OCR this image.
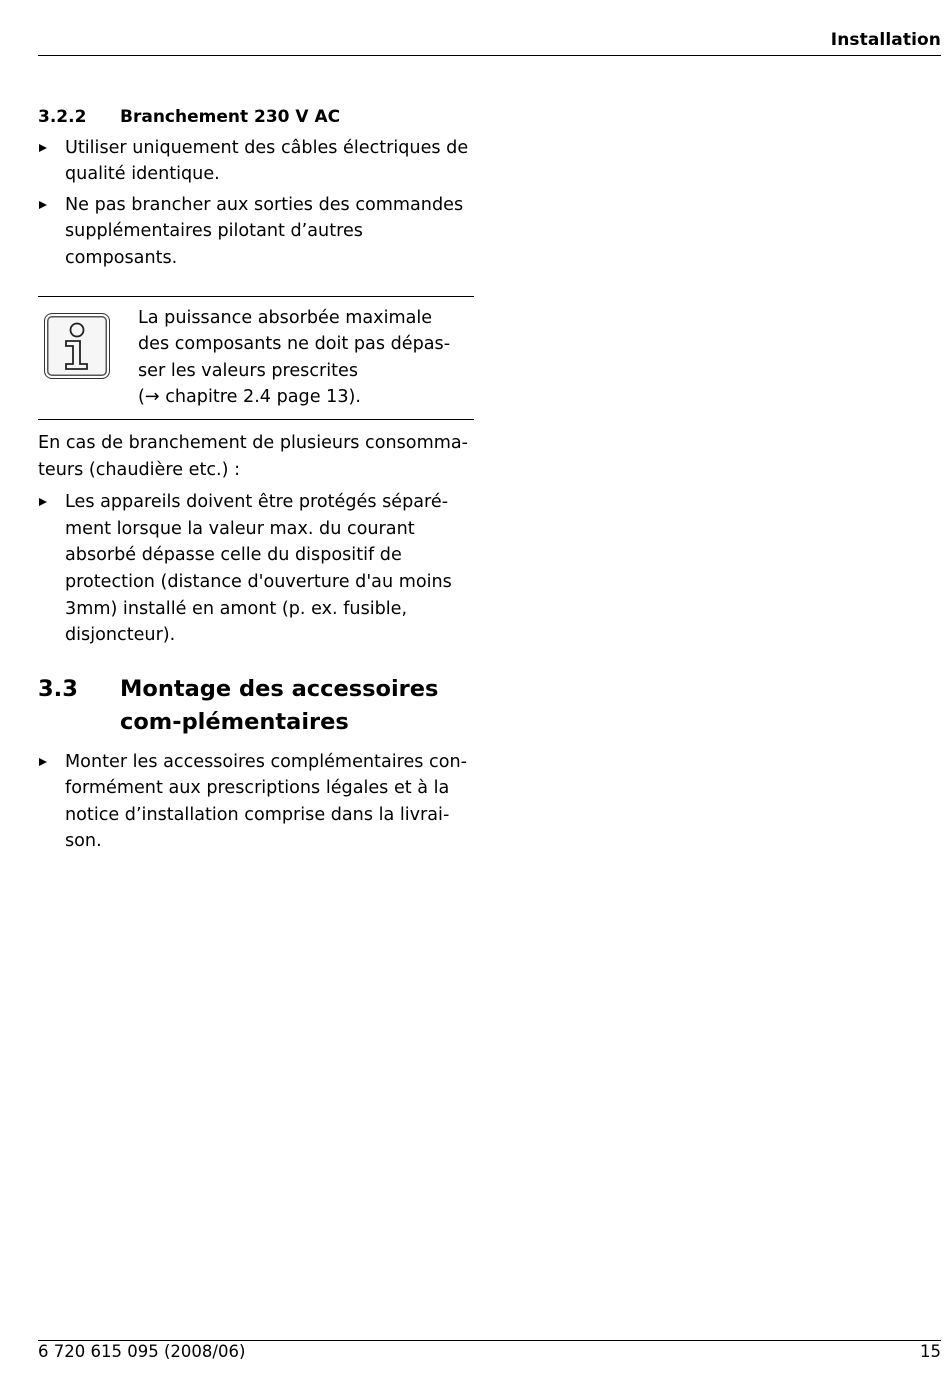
Installation
3.2.2	Branchement 230 V AC
Utiliser uniquement des câbles électriques de qualité identique.
Ne pas brancher aux sorties des commandes supplémentaires pilotant d’autres composants.
La puissance absorbée maximale des composants ne doit pas dépas-ser les valeurs prescrites
(→ chapitre 2.4 page 13).
En cas de branchement de plusieurs consomma-teurs (chaudière etc.) :
Les appareils doivent être protégés séparé-ment lorsque la valeur max. du courant absorbé dépasse celle du dispositif de protection (distance d'ouverture d'au moins 3mm) installé en amont (p. ex. fusible, disjoncteur).
3.3	Montage des accessoires com-plémentaires
Monter les accessoires complémentaires con-formément aux prescriptions légales et à la notice d’installation comprise dans la livrai-son.
6 720 615 095 (2008/06)	15
